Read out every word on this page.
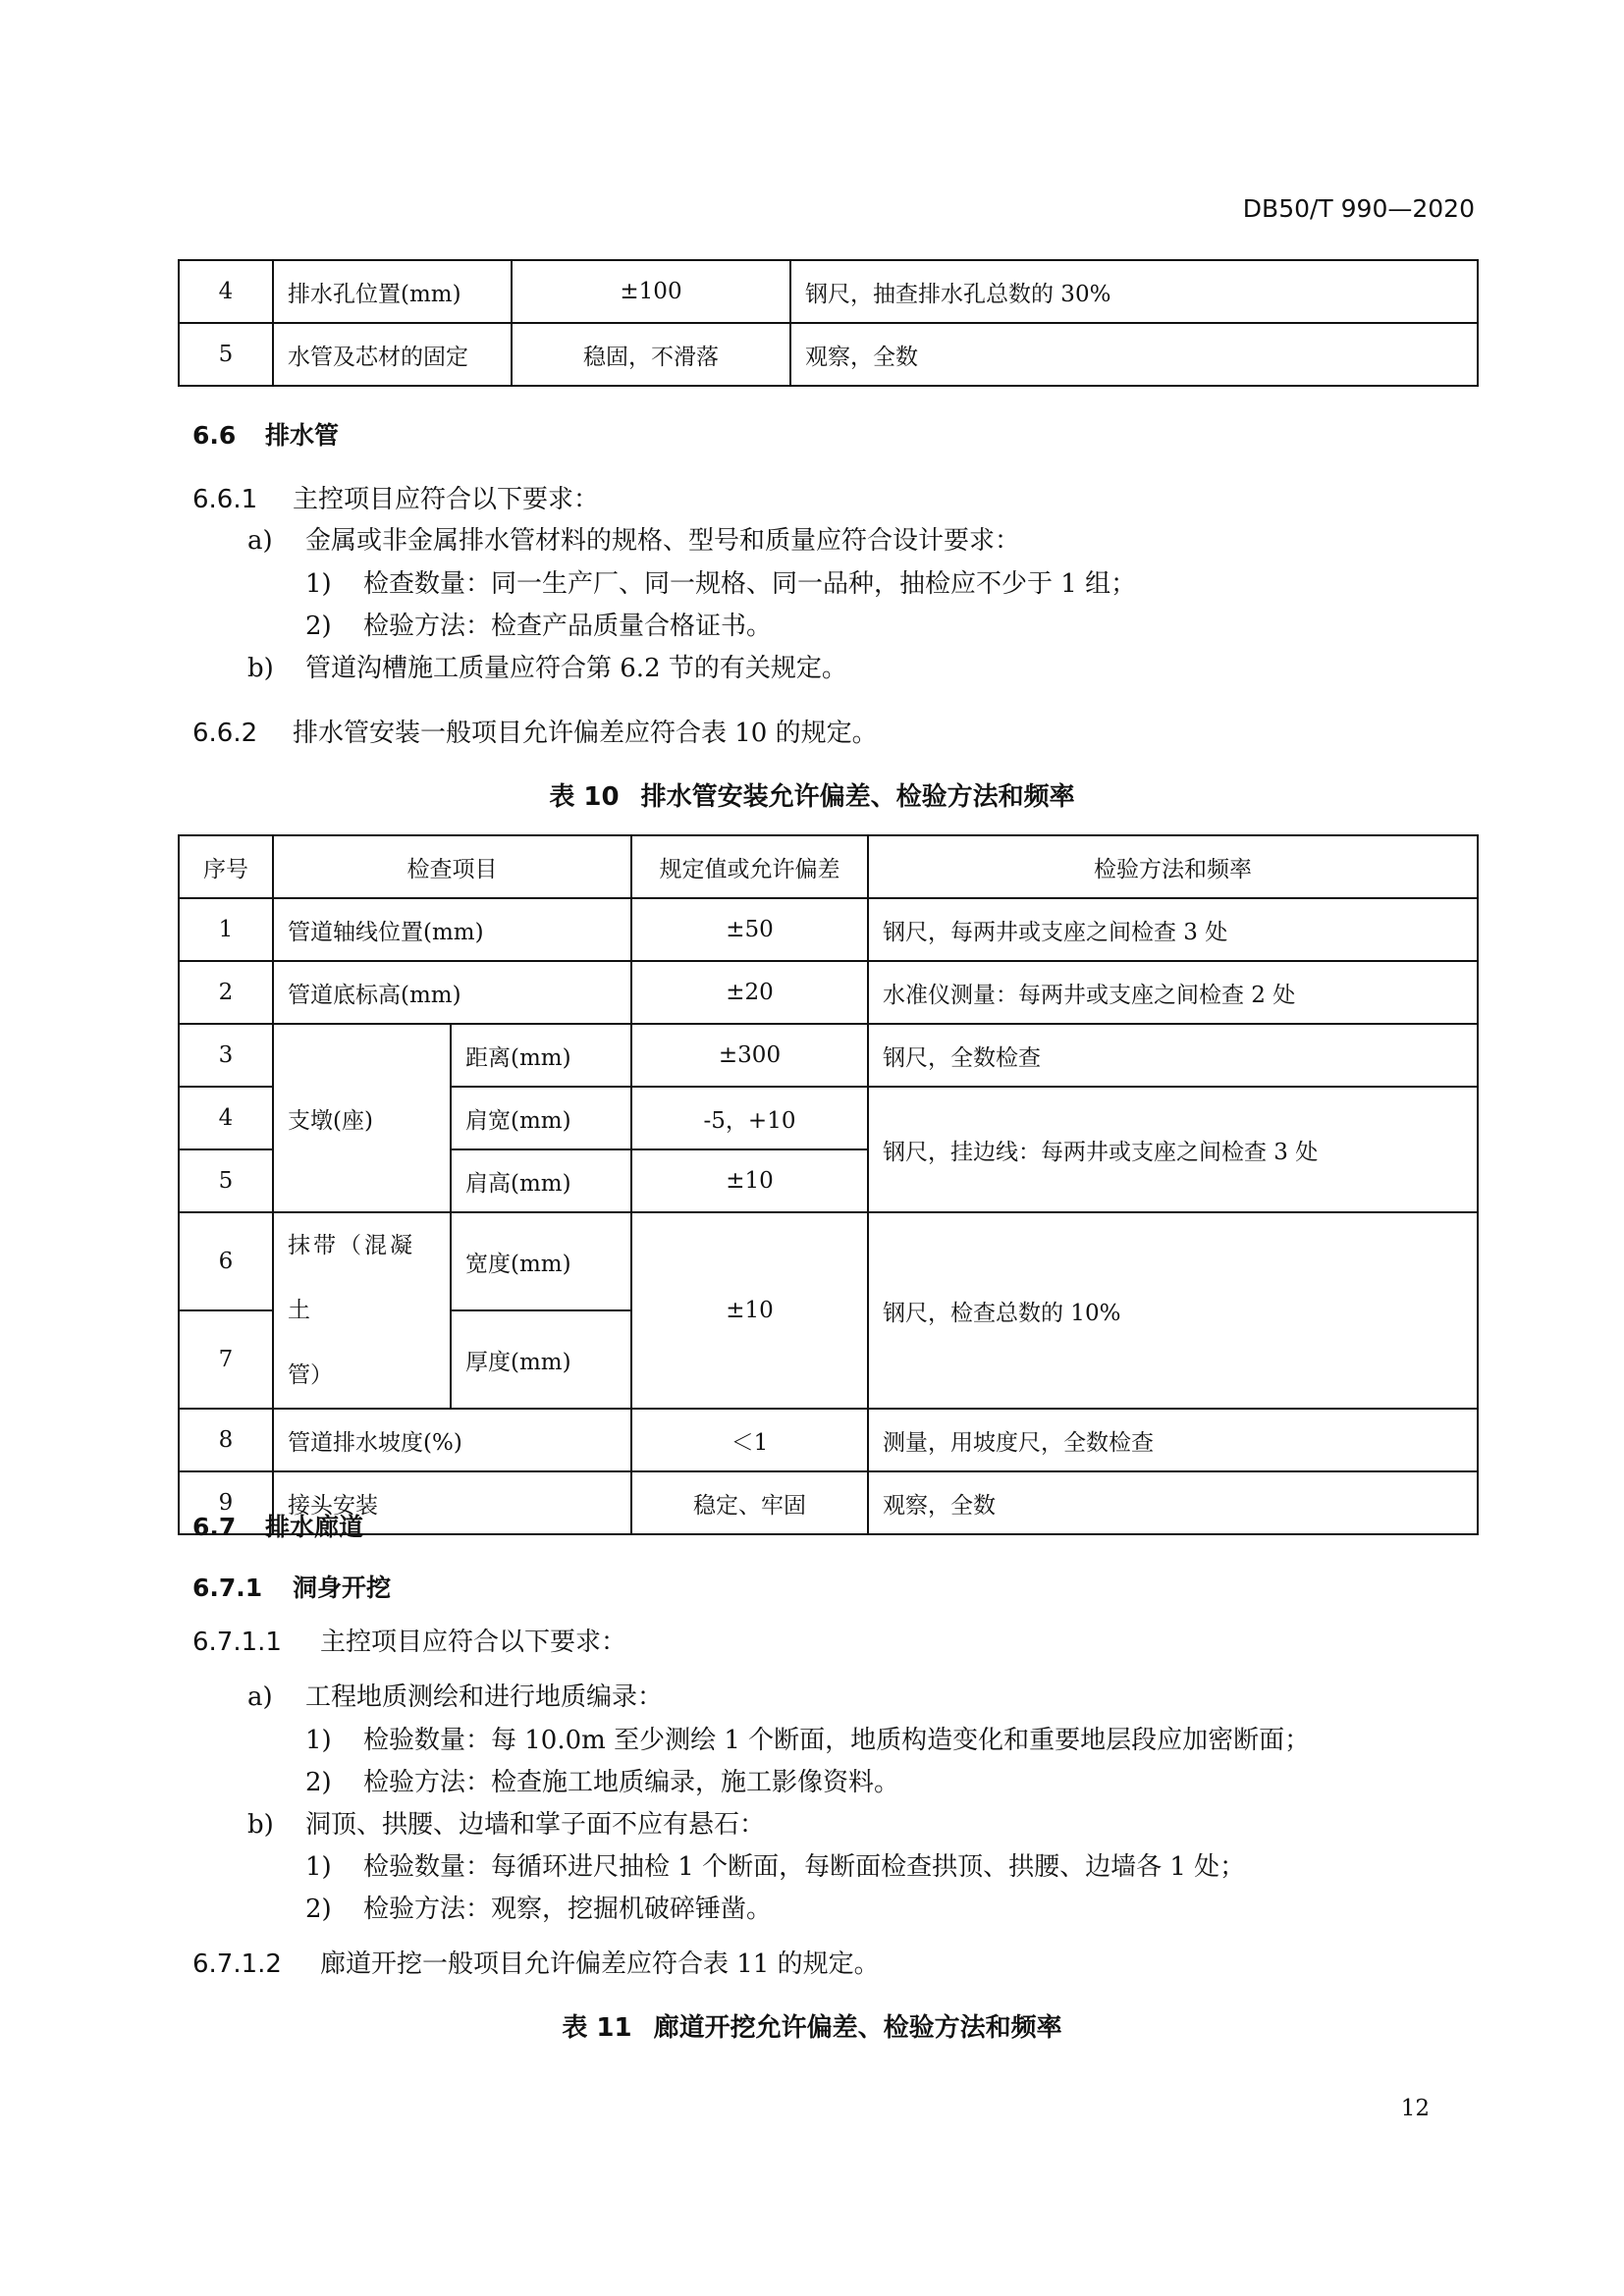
DB50/T 990—2020
4	排水孔位置(mm)	±100	钢尺，抽查排水孔总数的 30%
5	水管及芯材的固定	稳固，不滑落	观察，全数
6.6 排水管
6.6.1 主控项目应符合以下要求：
a) 金属或非金属排水管材料的规格、型号和质量应符合设计要求：
1) 检查数量：同一生产厂、同一规格、同一品种，抽检应不少于 1 组；
2) 检验方法：检查产品质量合格证书。
b) 管道沟槽施工质量应符合第 6.2 节的有关规定。
6.6.2 排水管安装一般项目允许偏差应符合表 10 的规定。
表 10 排水管安装允许偏差、检验方法和频率
序号	检查项目		规定值或允许偏差	检验方法和频率
1	管道轴线位置(mm)		±50	钢尺，每两井或支座之间检查 3 处
2	管道底标高(mm)		±20	水准仪测量：每两井或支座之间检查 2 处
3	支墩(座)	距离(mm)	±300	钢尺，全数检查
4		肩宽(mm)	-5，+10	钢尺，挂边线：每两井或支座之间检查 3 处
5		肩高(mm)	±10	
6	抹带（混凝土
管）	宽度(mm)	±10	钢尺，检查总数的 10%
7		厚度(mm)		
8	管道排水坡度(%)		＜1	测量，用坡度尺，全数检查
9	接头安装		稳定、牢固	观察，全数
6.7 排水廊道
6.7.1 洞身开挖
6.7.1.1 主控项目应符合以下要求：
a) 工程地质测绘和进行地质编录：
1) 检验数量：每 10.0m 至少测绘 1 个断面，地质构造变化和重要地层段应加密断面；
2) 检验方法：检查施工地质编录，施工影像资料。
b) 洞顶、拱腰、边墙和掌子面不应有悬石：
1) 检验数量：每循环进尺抽检 1 个断面，每断面检查拱顶、拱腰、边墙各 1 处；
2) 检验方法：观察，挖掘机破碎锤凿。
6.7.1.2 廊道开挖一般项目允许偏差应符合表 11 的规定。
表 11 廊道开挖允许偏差、检验方法和频率
12
